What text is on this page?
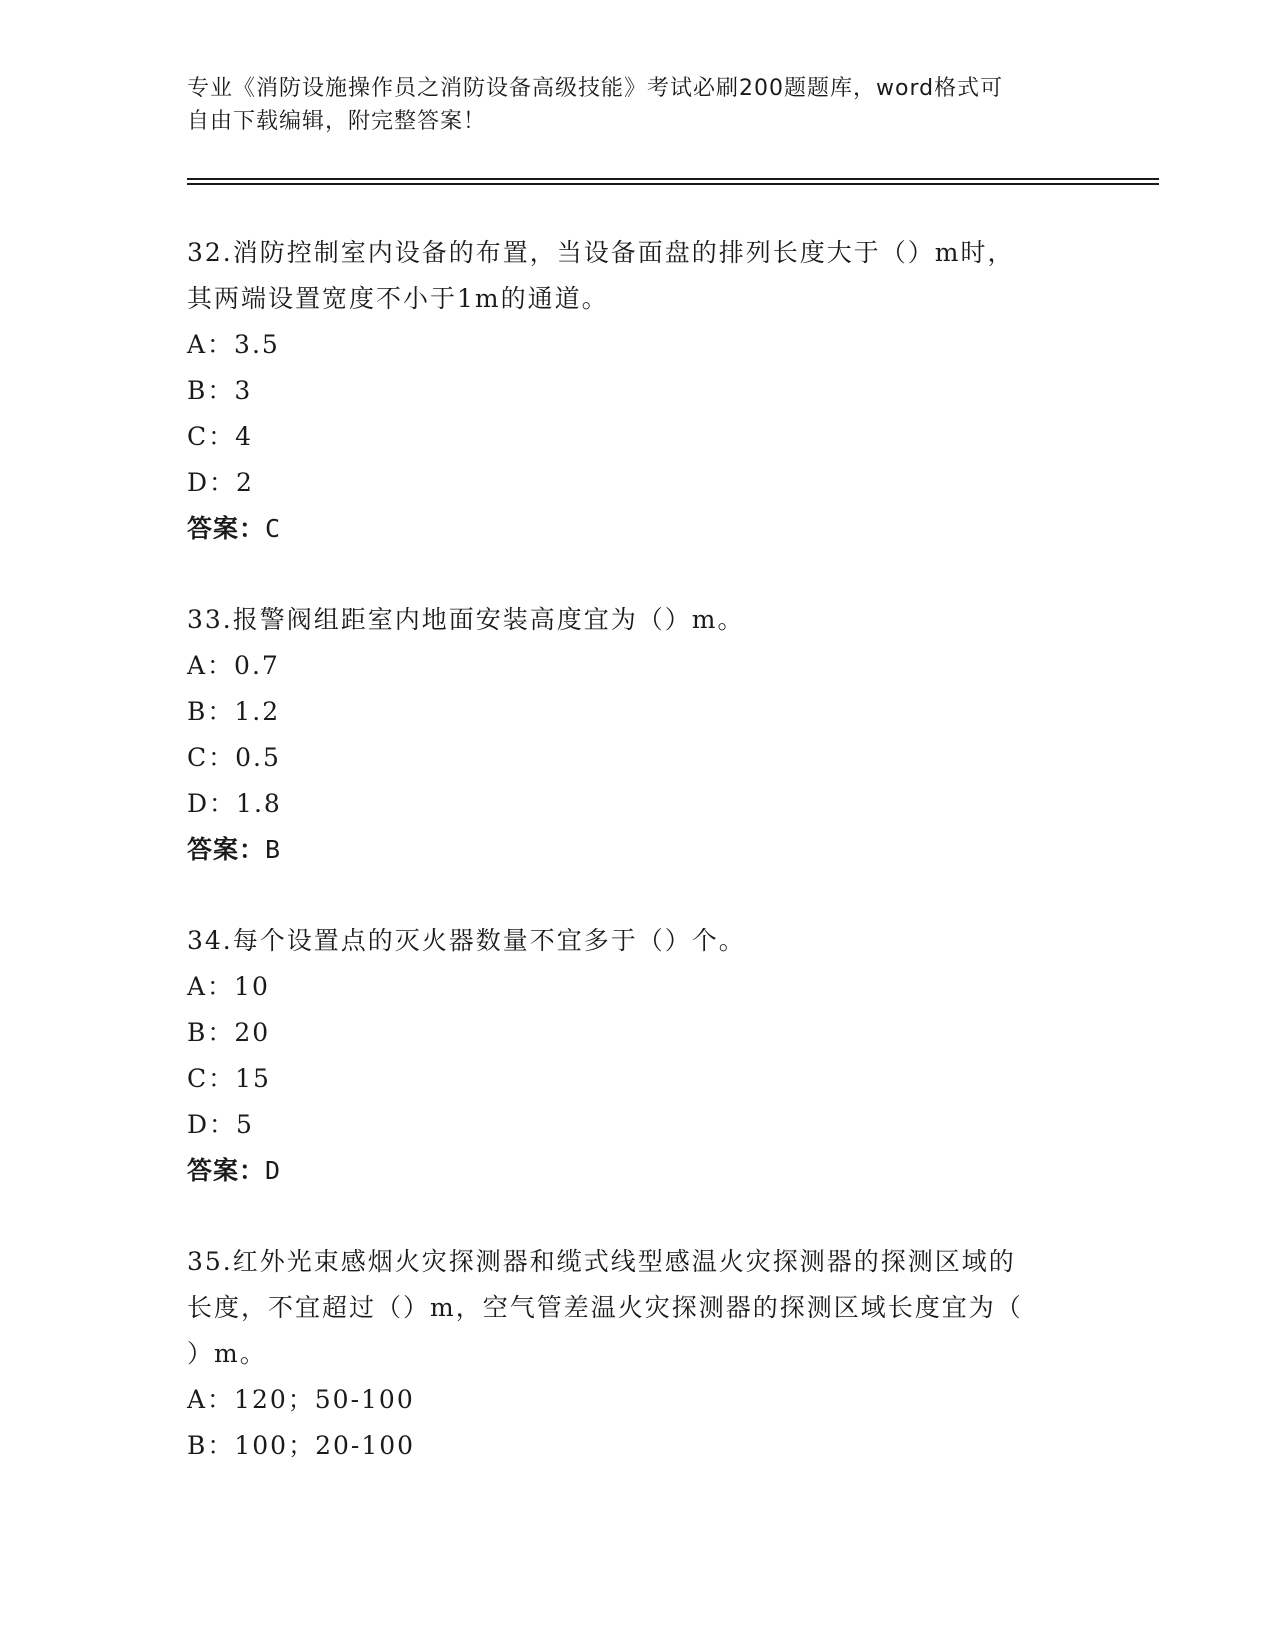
专业《消防设施操作员之消防设备高级技能》考试必刷200题题库，word格式可
自由下载编辑，附完整答案！
32.消防控制室内设备的布置，当设备面盘的排列长度大于（）m时，
其两端设置宽度不小于1m的通道。
A：3.5
B：3
C：4
D：2
答案：C
33.报警阀组距室内地面安装高度宜为（）m。
A：0.7
B：1.2
C：0.5
D：1.8
答案：B
34.每个设置点的灭火器数量不宜多于（）个。
A：10
B：20
C：15
D：5
答案：D
35.红外光束感烟火灾探测器和缆式线型感温火灾探测器的探测区域的
长度，不宜超过（）m，空气管差温火灾探测器的探测区域长度宜为（
）m。
A：120；50-100
B：100；20-100
